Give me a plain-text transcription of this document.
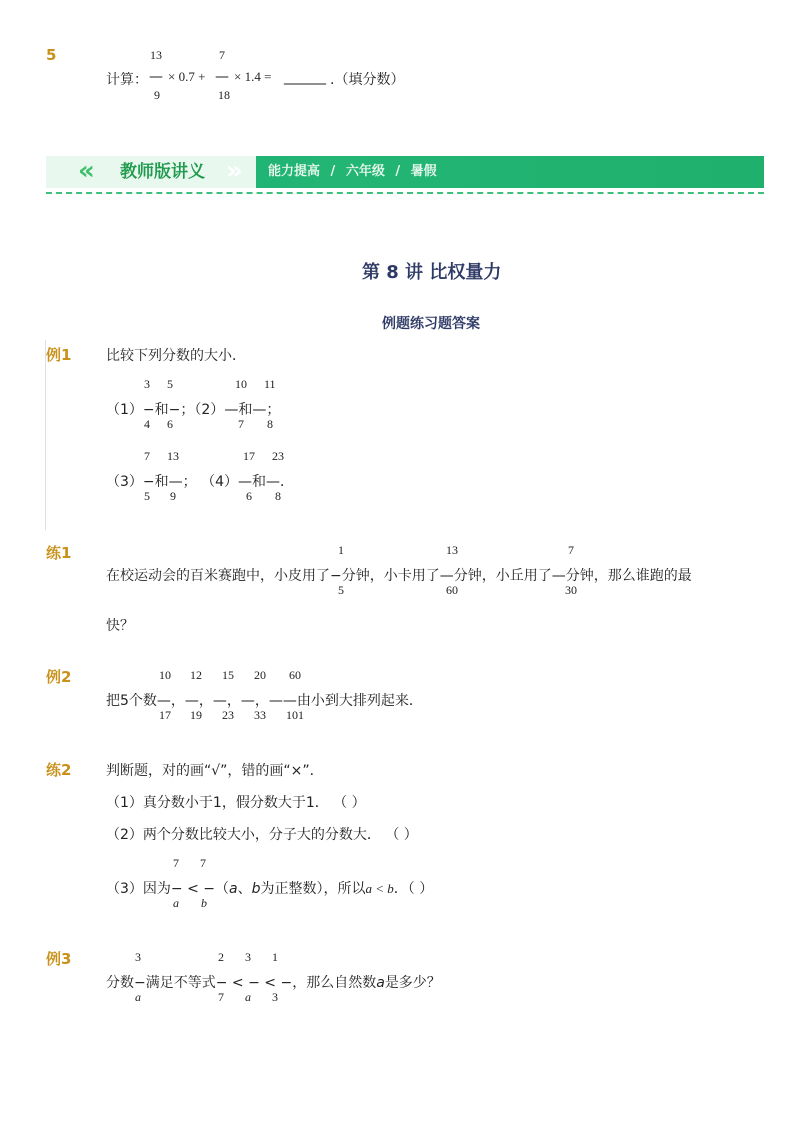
5	13	7
计算： — × 0.7 + — × 1.4 = ______ .（填分数）
9	18
«	»
教师版讲义	能力提高 / 六年级 / 暑假
第 8 讲 比权量力
例题练习题答案
例1 比较下列分数的大小．
3 5	10 11
（1）−和−；（2）—和—；
4 6	7 8
7 13	17 23
（3）−和—； （4）—和—．
5 9	6 8
练1	1	13	7
在校运动会的百米赛跑中，小皮用了−分钟，小卡用了—分钟，小丘用了—分钟，那么谁跑的最
5	60	30
快？
例2	10 12 15 20 60
把5个数—，—，—，—，——由小到大排列起来．
17 19 23 33 101
练2 判断题，对的画“√”，错的画“×”．
（1）真分数小于1，假分数大于1． （ ）
（2）两个分数比较大小，分子大的分数大． （ ）
7 7
（3）因为− < −（a、b为正整数），所以a < b．（ ）
a b
例3	3	2 3 1
分数−满足不等式− < − < −，那么自然数a是多少？
a	7 a 3
